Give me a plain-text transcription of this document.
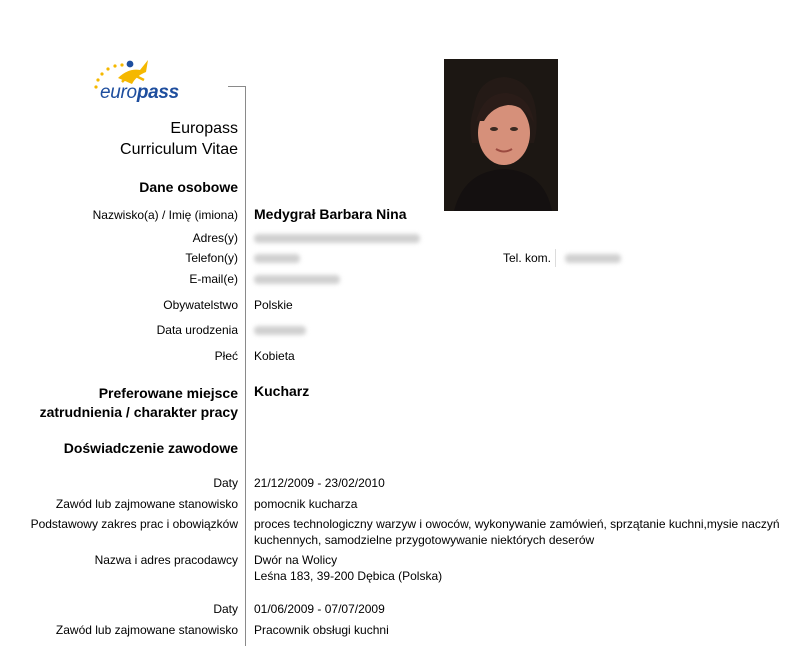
europass
Europass
Curriculum Vitae
Dane osobowe
Nazwisko(a) / Imię (imiona) Medygrał Barbara Nina
Adres(y)
Telefon(y)	Tel. kom.
E-mail(e)
Obywatelstwo Polskie
Data urodzenia
Płeć Kobieta
Preferowane miejsce
zatrudnienia / charakter pracy
Kucharz
Doświadczenie zawodowe
Daty 21/12/2009 - 23/02/2010
Zawód lub zajmowane stanowisko pomocnik kucharza
Podstawowy zakres prac i obowiązków proces technologiczny warzyw i owoców, wykonywanie zamówień, sprzątanie kuchni,mysie naczyń
kuchennych, samodzielne przygotowywanie niektórych deserów
Nazwa i adres pracodawcy Dwór na Wolicy
Leśna 183, 39-200 Dębica (Polska)
Daty 01/06/2009 - 07/07/2009
Zawód lub zajmowane stanowisko Pracownik obsługi kuchni
